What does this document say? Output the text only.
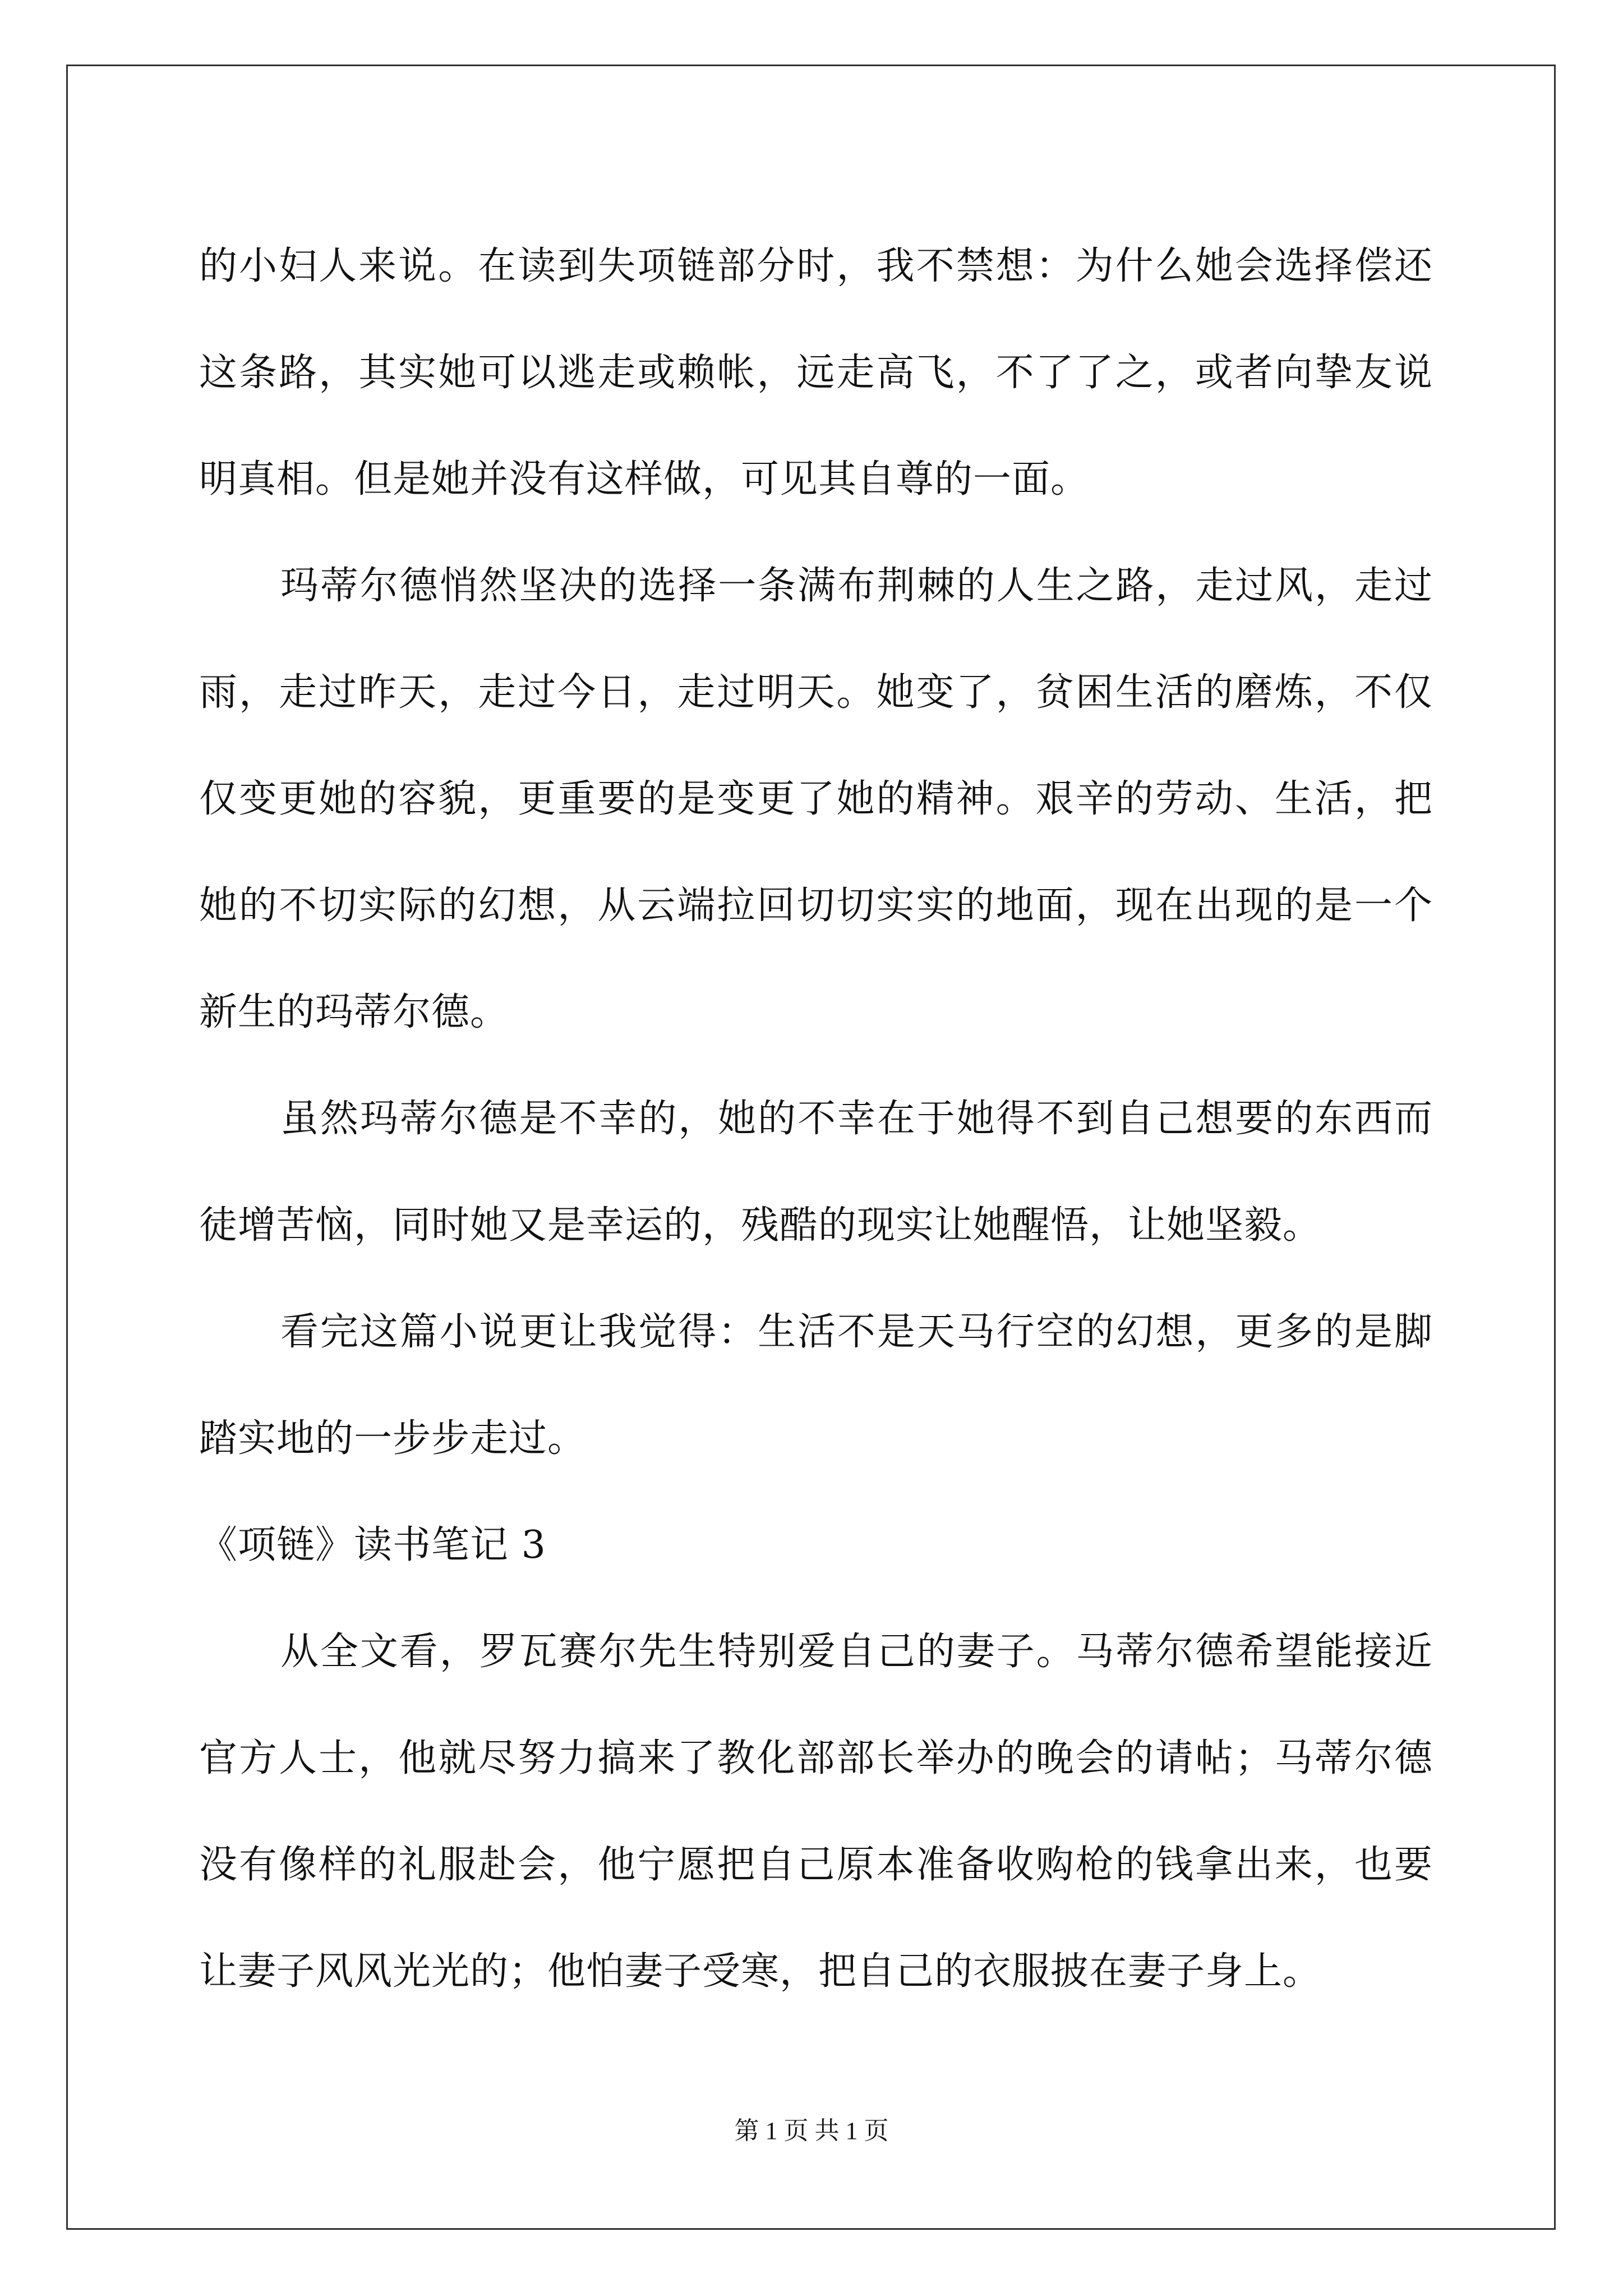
的小妇人来说。在读到失项链部分时，我不禁想：为什么她会选择偿还这条路，其实她可以逃走或赖帐，远走高飞，不了了之，或者向挚友说明真相。但是她并没有这样做，可见其自尊的一面。

玛蒂尔德悄然坚决的选择一条满布荆棘的人生之路，走过风，走过雨，走过昨天，走过今日，走过明天。她变了，贫困生活的磨炼，不仅仅变更她的容貌，更重要的是变更了她的精神。艰辛的劳动、生活，把她的不切实际的幻想，从云端拉回切切实实的地面，现在出现的是一个新生的玛蒂尔德。

虽然玛蒂尔德是不幸的，她的不幸在于她得不到自己想要的东西而徒增苦恼，同时她又是幸运的，残酷的现实让她醒悟，让她坚毅。

看完这篇小说更让我觉得：生活不是天马行空的幻想，更多的是脚踏实地的一步步走过。

《项链》读书笔记 3

从全文看，罗瓦赛尔先生特别爱自己的妻子。马蒂尔德希望能接近官方人士，他就尽努力搞来了教化部部长举办的晚会的请帖；马蒂尔德没有像样的礼服赴会，他宁愿把自己原本准备收购枪的钱拿出来，也要让妻子风风光光的；他怕妻子受寒，把自己的衣服披在妻子身上。

第 1 页 共 1 页
